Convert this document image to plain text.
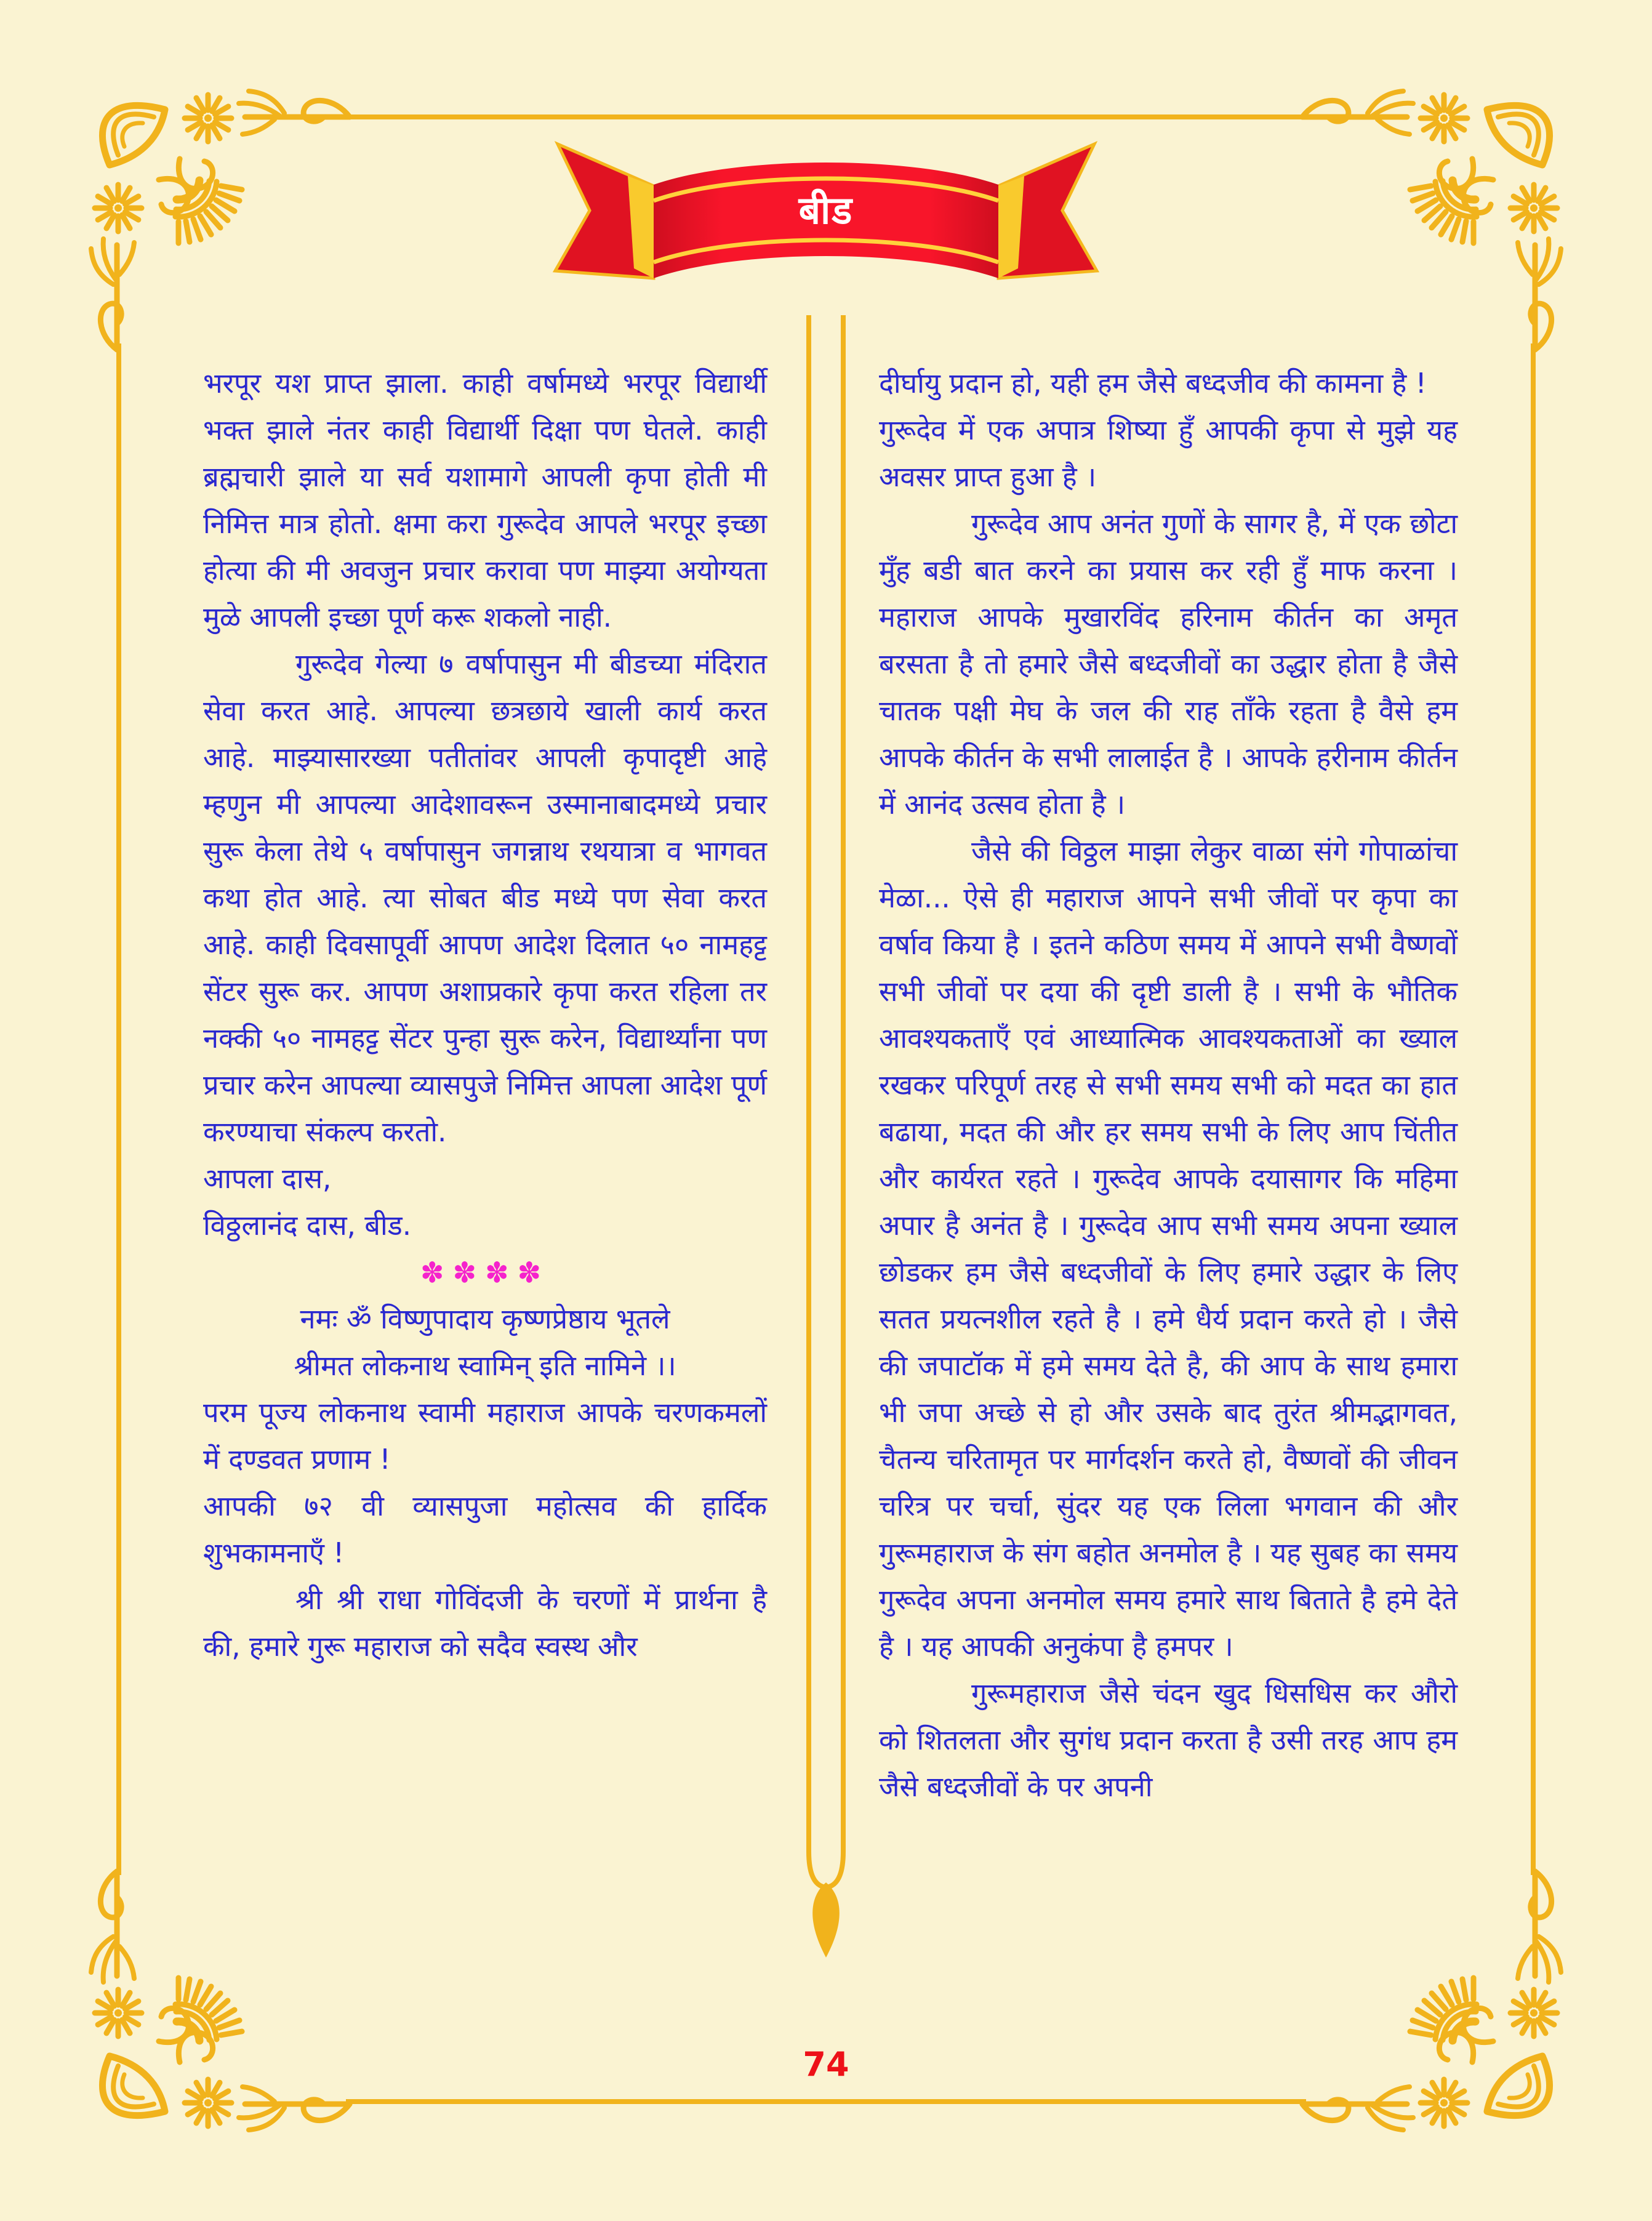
बीड

भरपूर यश प्राप्त झाला. काही वर्षामध्ये भरपूर विद्यार्थी भक्त झाले नंतर काही विद्यार्थी दिक्षा पण घेतले. काही ब्रह्मचारी झाले या सर्व यशामागे आपली कृपा होती मी निमित्त मात्र होतो. क्षमा करा गुरूदेव आपले भरपूर इच्छा होत्या की मी अवजुन प्रचार करावा पण माझ्या अयोग्यता मुळे आपली इच्छा पूर्ण करू शकलो नाही.

गुरूदेव गेल्या ७ वर्षापासुन मी बीडच्या मंदिरात सेवा करत आहे. आपल्या छत्रछाये खाली कार्य करत आहे. माझ्यासारख्या पतीतांवर आपली कृपादृष्टी आहे म्हणुन मी आपल्या आदेशावरून उस्मानाबादमध्ये प्रचार सुरू केला तेथे ५ वर्षापासुन जगन्नाथ रथयात्रा व भागवत कथा होत आहे. त्या सोबत बीड मध्ये पण सेवा करत आहे. काही दिवसापूर्वी आपण आदेश दिलात ५० नामहट्ट सेंटर सुरू कर. आपण अशाप्रकारे कृपा करत रहिला तर नक्की ५० नामहट्ट सेंटर पुन्हा सुरू करेन, विद्यार्थ्यांना पण प्रचार करेन आपल्या व्यासपुजे निमित्त आपला आदेश पूर्ण करण्याचा संकल्प करतो.

आपला दास,

विठ्ठलानंद दास, बीड.

✽✽✽✽

नमः ॐ विष्णुपादाय कृष्णप्रेष्ठाय भूतले

श्रीमत लोकनाथ स्वामिन् इति नामिने ।।

परम पूज्य लोकनाथ स्वामी महाराज आपके चरणकमलों में दण्डवत प्रणाम !

आपकी ७२ वी व्यासपुजा महोत्सव की हार्दिक शुभकामनाएँ !

श्री श्री राधा गोविंदजी के चरणों में प्रार्थना है की, हमारे गुरू महाराज को सदैव स्वस्थ और

दीर्घायु प्रदान हो, यही हम जैसे बध्दजीव की कामना है !

गुरूदेव में एक अपात्र शिष्या हुँ आपकी कृपा से मुझे यह अवसर प्राप्त हुआ है ।

गुरूदेव आप अनंत गुणों के सागर है, में एक छोटा मुँह बडी बात करने का प्रयास कर रही हुँ माफ करना । महाराज आपके मुखारविंद हरिनाम कीर्तन का अमृत बरसता है तो हमारे जैसे बध्दजीवों का उद्धार होता है जैसे चातक पक्षी मेघ के जल की राह ताँके रहता है वैसे हम आपके कीर्तन के सभी लालाईत है । आपके हरीनाम कीर्तन में आनंद उत्सव होता है ।

जैसे की विठ्ठल माझा लेकुर वाळा संगे गोपाळांचा मेळा... ऐसे ही महाराज आपने सभी जीवों पर कृपा का वर्षाव किया है । इतने कठिण समय में आपने सभी वैष्णवों सभी जीवों पर दया की दृष्टी डाली है । सभी के भौतिक आवश्यकताएँ एवं आध्यात्मिक आवश्यकताओं का ख्याल रखकर परिपूर्ण तरह से सभी समय सभी को मदत का हात बढाया, मदत की और हर समय सभी के लिए आप चिंतीत और कार्यरत रहते । गुरूदेव आपके दयासागर कि महिमा अपार है अनंत है । गुरूदेव आप सभी समय अपना ख्याल छोडकर हम जैसे बध्दजीवों के लिए हमारे उद्धार के लिए सतत प्रयत्नशील रहते है । हमे धैर्य प्रदान करते हो । जैसे की जपाटॉक में हमे समय देते है, की आप के साथ हमारा भी जपा अच्छे से हो और उसके बाद तुरंत श्रीमद्भागवत, चैतन्य चरितामृत पर मार्गदर्शन करते हो, वैष्णवों की जीवन चरित्र पर चर्चा, सुंदर यह एक लिला भगवान की और गुरूमहाराज के संग बहोत अनमोल है । यह सुबह का समय गुरूदेव अपना अनमोल समय हमारे साथ बिताते है हमे देते है । यह आपकी अनुकंपा है हमपर ।

गुरूमहाराज जैसे चंदन खुद धिसधिस कर औरो को शितलता और सुगंध प्रदान करता है उसी तरह आप हम जैसे बध्दजीवों के पर अपनी

74
